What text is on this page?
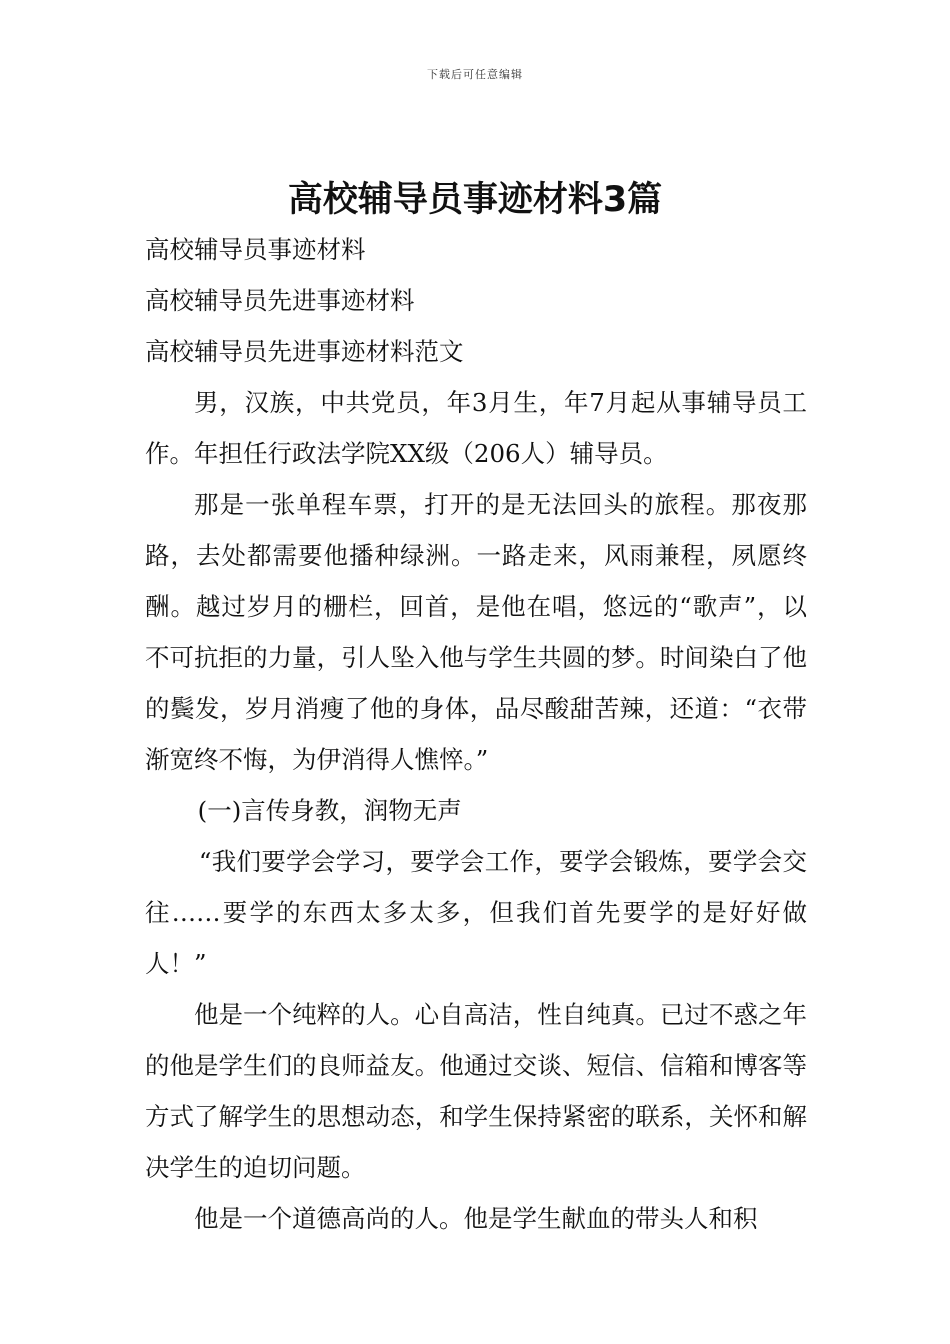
下载后可任意编辑
高校辅导员事迹材料3篇

高校辅导员事迹材料

高校辅导员先进事迹材料

高校辅导员先进事迹材料范文

男，汉族，中共党员，年3月生，年7月起从事辅导员工作。年担任行政法学院XX级（206人）辅导员。

那是一张单程车票，打开的是无法回头的旅程。那夜那路，去处都需要他播种绿洲。一路走来，风雨兼程，夙愿终酬。越过岁月的栅栏，回首，是他在唱，悠远的“歌声”，以不可抗拒的力量，引人坠入他与学生共圆的梦。时间染白了他的鬓发，岁月消瘦了他的身体，品尽酸甜苦辣，还道：“衣带渐宽终不悔，为伊消得人憔悴。”

(一)言传身教，润物无声

“我们要学会学习，要学会工作，要学会锻炼，要学会交往……要学的东西太多太多，但我们首先要学的是好好做人！”

他是一个纯粹的人。心自高洁，性自纯真。已过不惑之年的他是学生们的良师益友。他通过交谈、短信、信箱和博客等方式了解学生的思想动态，和学生保持紧密的联系，关怀和解决学生的迫切问题。

他是一个道德高尚的人。他是学生献血的带头人和积
